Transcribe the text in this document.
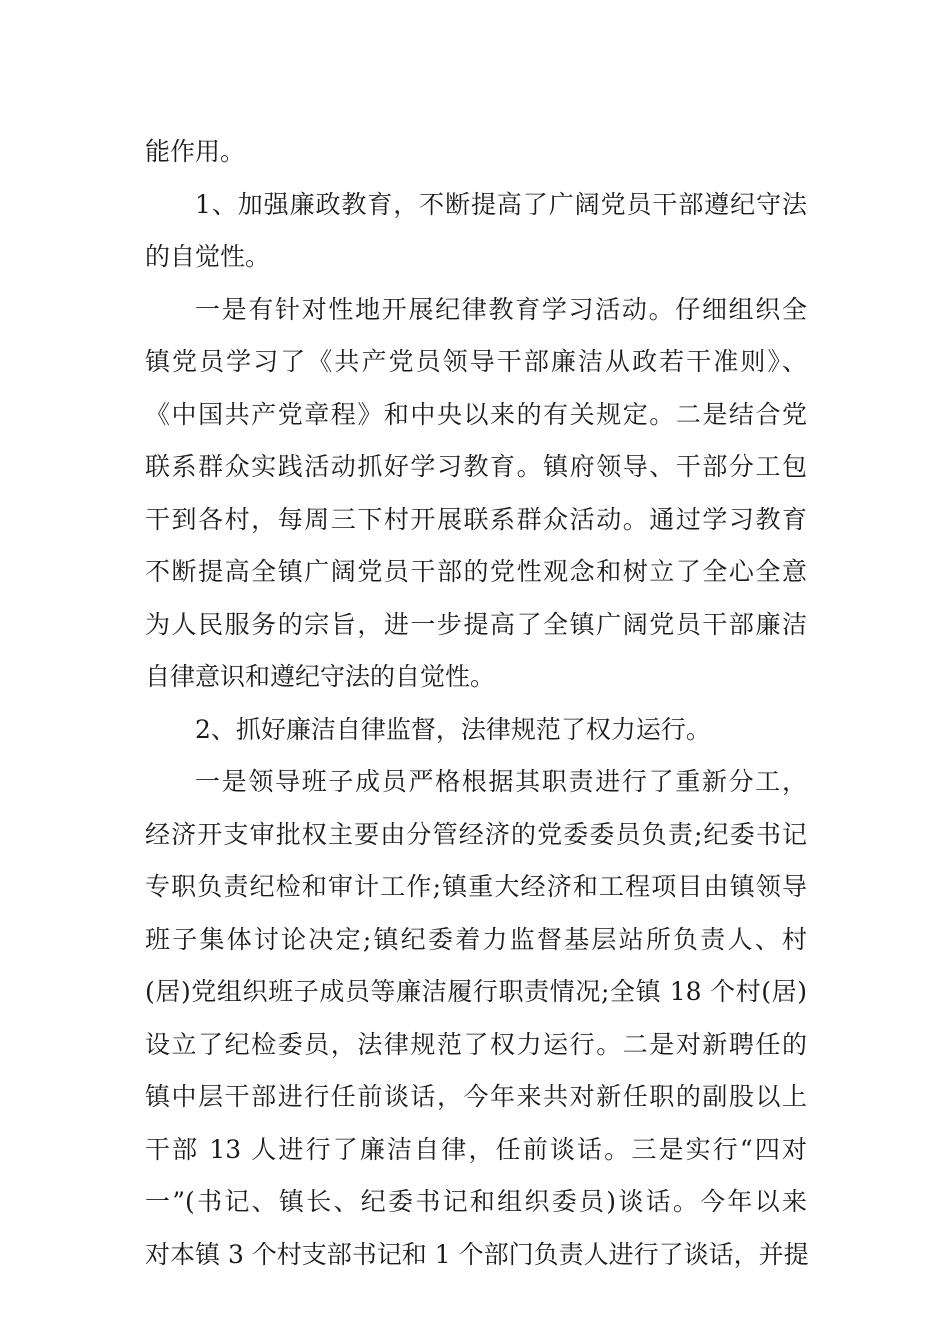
能作用。
1、加强廉政教育，不断提高了广阔党员干部遵纪守法
的自觉性。
一是有针对性地开展纪律教育学习活动。仔细组织全
镇党员学习了《共产党员领导干部廉洁从政若干准则》、
《中国共产党章程》和中央以来的有关规定。二是结合党
联系群众实践活动抓好学习教育。镇府领导、干部分工包
干到各村，每周三下村开展联系群众活动。通过学习教育
不断提高全镇广阔党员干部的党性观念和树立了全心全意
为人民服务的宗旨，进一步提高了全镇广阔党员干部廉洁
自律意识和遵纪守法的自觉性。
2、抓好廉洁自律监督，法律规范了权力运行。
一是领导班子成员严格根据其职责进行了重新分工，
经济开支审批权主要由分管经济的党委委员负责;纪委书记
专职负责纪检和审计工作;镇重大经济和工程项目由镇领导
班子集体讨论决定;镇纪委着力监督基层站所负责人、村
(居)党组织班子成员等廉洁履行职责情况;全镇 18 个村(居)
设立了纪检委员，法律规范了权力运行。二是对新聘任的
镇中层干部进行任前谈话，今年来共对新任职的副股以上
干部 13 人进行了廉洁自律，任前谈话。三是实行“四对
一”(书记、镇长、纪委书记和组织委员)谈话。今年以来
对本镇 3 个村支部书记和 1 个部门负责人进行了谈话，并提
